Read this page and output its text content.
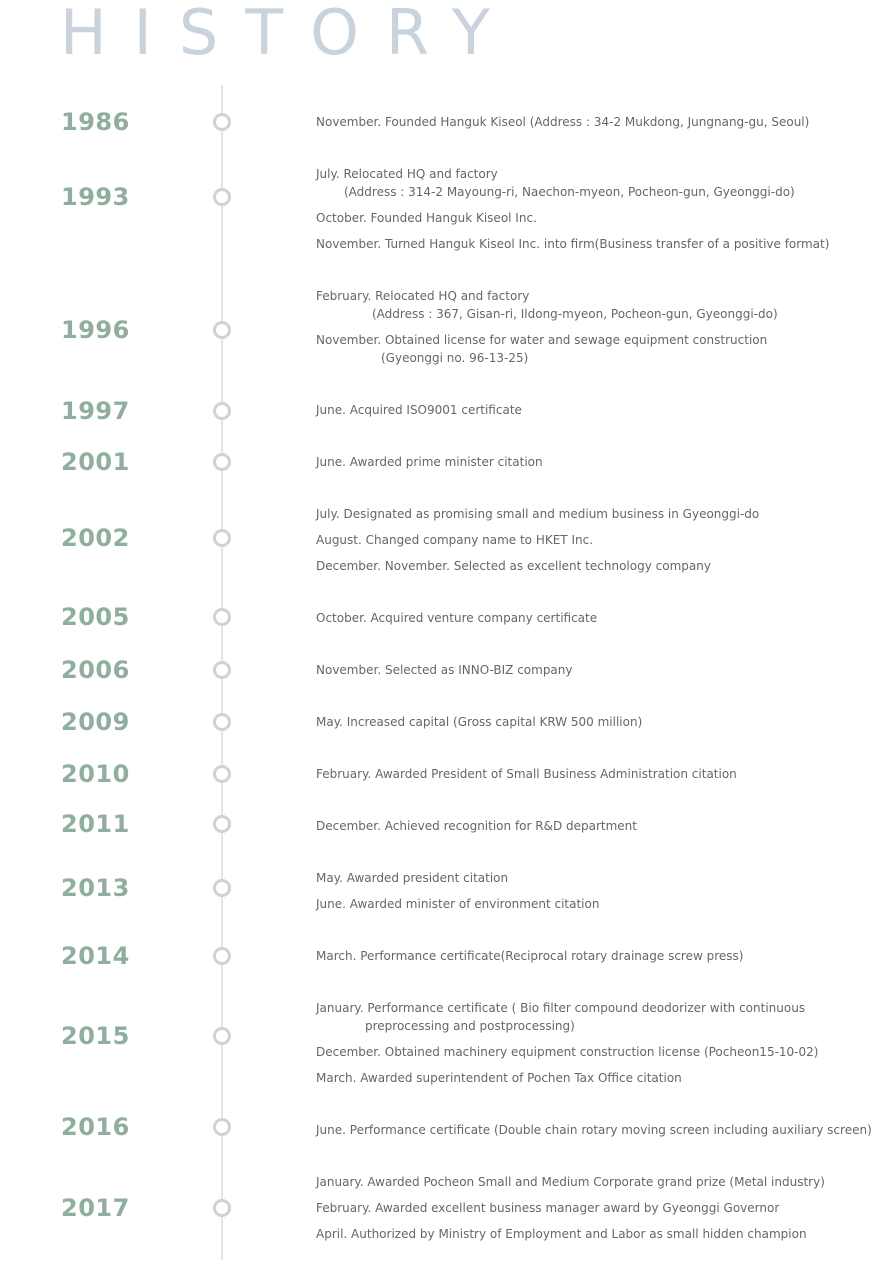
HISTORY
1986	November. Founded Hanguk Kiseol (Address : 34-2 Mukdong, Jungnang-gu, Seoul)
1993
July. Relocated HQ and factory
(Address : 314-2 Mayoung-ri, Naechon-myeon, Pocheon-gun, Gyeonggi-do)
October. Founded Hanguk Kiseol Inc.
November. Turned Hanguk Kiseol Inc. into firm(Business transfer of a positive format)
1996
February. Relocated HQ and factory
(Address : 367, Gisan-ri, Ildong-myeon, Pocheon-gun, Gyeonggi-do)
November. Obtained license for water and sewage equipment construction
(Gyeonggi no. 96-13-25)
1997	June. Acquired ISO9001 certificate
2001	June. Awarded prime minister citation
2002
July. Designated as promising small and medium business in Gyeonggi-do
August. Changed company name to HKET Inc.
December. November. Selected as excellent technology company
2005	October. Acquired venture company certificate
2006	November. Selected as INNO-BIZ company
2009	May. Increased capital (Gross capital KRW 500 million)
2010	February. Awarded President of Small Business Administration citation
2011	December. Achieved recognition for R&D department
2013	May. Awarded president citation
June. Awarded minister of environment citation
2014	March. Performance certificate(Reciprocal rotary drainage screw press)
2015
January. Performance certificate ( Bio filter compound deodorizer with continuous
preprocessing and postprocessing)
December. Obtained machinery equipment construction license (Pocheon15-10-02)
March. Awarded superintendent of Pochen Tax Office citation
2016	June. Performance certificate (Double chain rotary moving screen including auxiliary screen)
2017
January. Awarded Pocheon Small and Medium Corporate grand prize (Metal industry)
February. Awarded excellent business manager award by Gyeonggi Governor
April. Authorized by Ministry of Employment and Labor as small hidden champion
